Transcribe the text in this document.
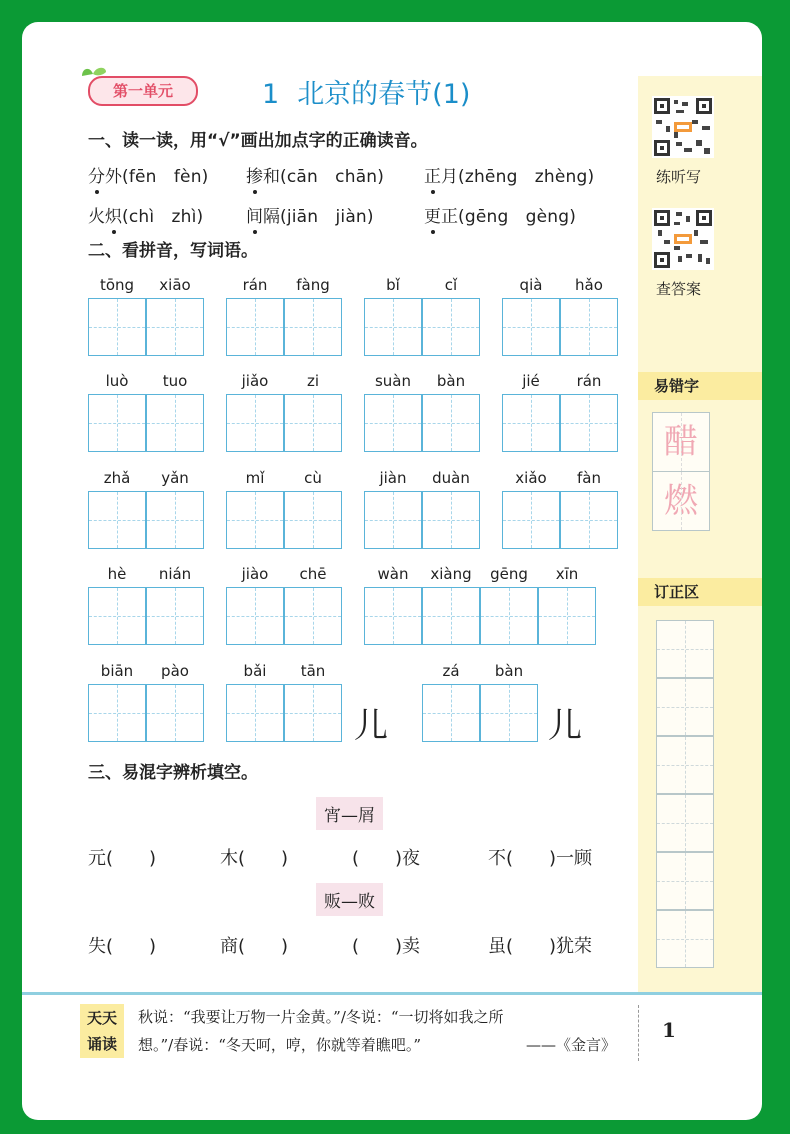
第一单元	1 北京的春节(1)
一、读一读，用“√”画出加点字的正确读音。
分外(fēn　fèn) 掺和(cān　chān) 正月(zhēng　zhèng)
火炽(chì　zhì)	间隔(jiān　jiàn)	更正(gēng　gèng)
二、看拼音，写词语。
tōng	xiāo	rán	fàng	bǐ	cǐ	qià	hǎo
luò	tuo	jiǎo	zi	suàn	bàn	jié	rán
zhǎ	yǎn	mǐ	cù	jiàn	duàn	xiǎo	fàn
hè	nián	jiào	chē	wàn	xiàng	gēng	xīn
biān	pào	bǎi	tān	zá	bàn
儿	儿
三、易混字辨析填空。
宵—屑
元(　　)	木(　　)	(　　)夜	不(　　)一顾
贩—败
失(　　)	商(　　)	(　　)卖	虽(　　)犹荣
练听写
查答案
易错字
醋
燃
订正区
天天
诵读
秋说：“我要让万物一片金黄。”/冬说：“一切将如我之所
想。”/春说：“冬天呵，哼，你就等着瞧吧。”	——《金言》
1
